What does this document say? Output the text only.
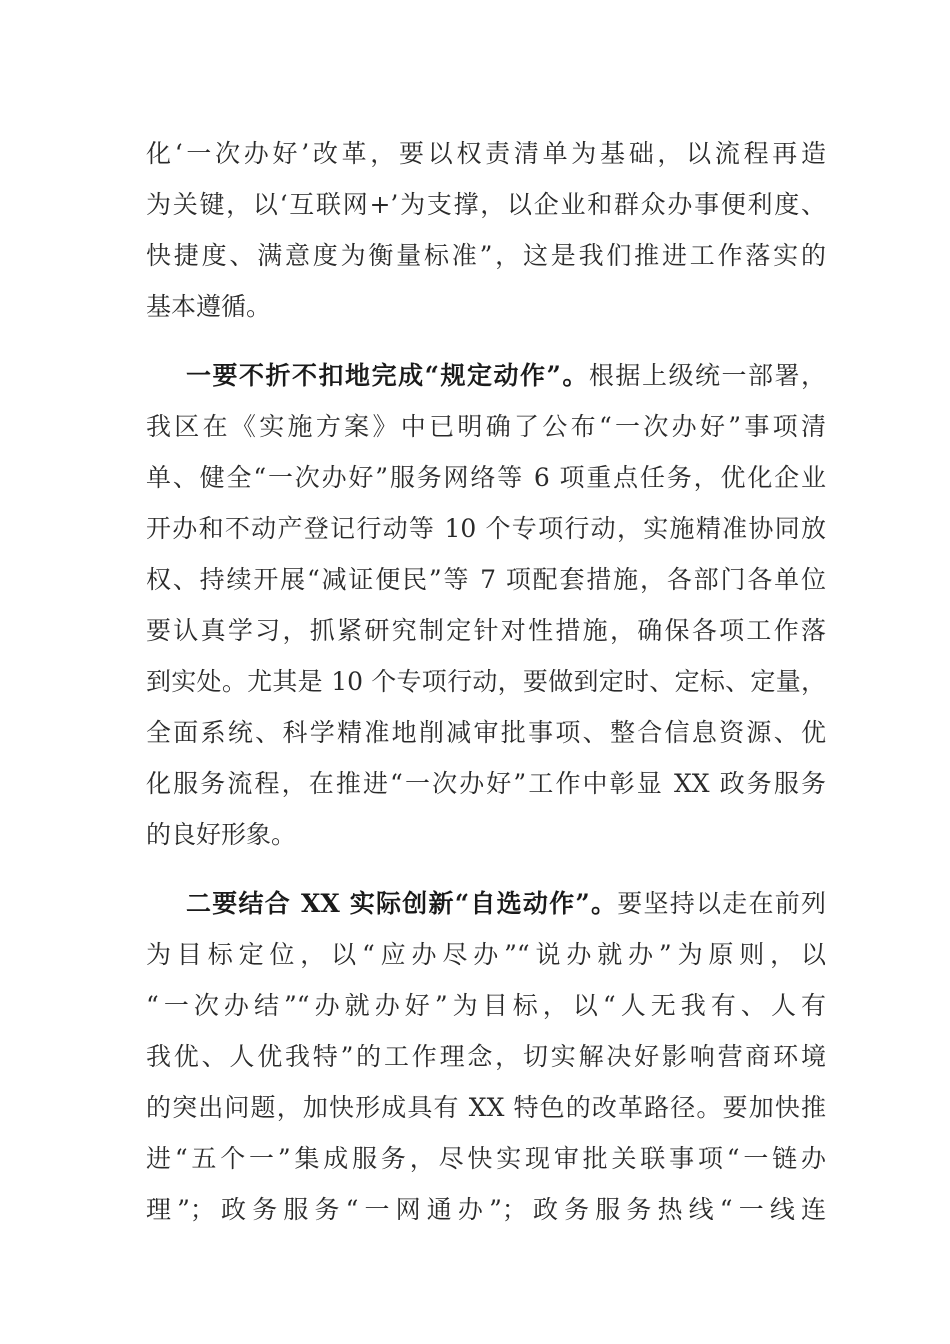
化‘一次办好’改革，要以权责清单为基础，以流程再造
为关键，以‘互联网+’为支撑，以企业和群众办事便利度、
快捷度、满意度为衡量标准”，这是我们推进工作落实的
基本遵循。
一要不折不扣地完成“规定动作”。根据上级统一部署，
我区在《实施方案》中已明确了公布“一次办好”事项清
单、健全“一次办好”服务网络等 6 项重点任务，优化企业
开办和不动产登记行动等 10 个专项行动，实施精准协同放
权、持续开展“减证便民”等 7 项配套措施，各部门各单位
要认真学习，抓紧研究制定针对性措施，确保各项工作落
到实处。尤其是 10 个专项行动，要做到定时、定标、定量，
全面系统、科学精准地削减审批事项、整合信息资源、优
化服务流程，在推进“一次办好”工作中彰显 XX 政务服务
的良好形象。
二要结合 XX 实际创新“自选动作”。要坚持以走在前列
为目标定位，以“应办尽办”“说办就办”为原则，以
“一次办结”“办就办好”为目标，以“人无我有、人有
我优、人优我特”的工作理念，切实解决好影响营商环境
的突出问题，加快形成具有 XX 特色的改革路径。要加快推
进“五个一”集成服务，尽快实现审批关联事项“一链办
理”；政务服务“一网通办”；政务服务热线“一线连
